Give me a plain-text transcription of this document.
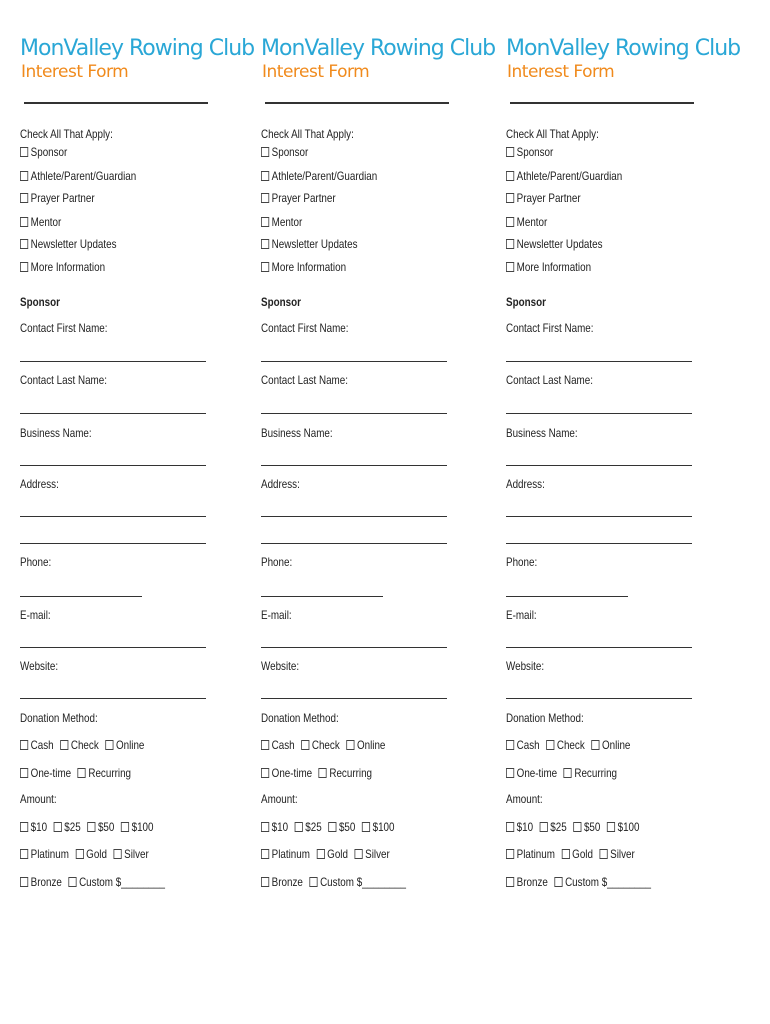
MonValley Rowing Club
Interest Form
Check All That Apply:
Sponsor
Athlete/Parent/Guardian
Prayer Partner
Mentor
Newsletter Updates
More Information
Sponsor
Contact First Name:
Contact Last Name:
Business Name:
Address:
Phone:
E-mail:
Website:
Donation Method:
Cash Check Online
One-time Recurring
Amount:
$10 $25 $50 $100
Platinum Gold Silver
Bronze Custom $________
MonValley Rowing Club
Interest Form
Check All That Apply:
Sponsor
Athlete/Parent/Guardian
Prayer Partner
Mentor
Newsletter Updates
More Information
Sponsor
Contact First Name:
Contact Last Name:
Business Name:
Address:
Phone:
E-mail:
Website:
Donation Method:
Cash Check Online
One-time Recurring
Amount:
$10 $25 $50 $100
Platinum Gold Silver
Bronze Custom $________
MonValley Rowing Club
Interest Form
Check All That Apply:
Sponsor
Athlete/Parent/Guardian
Prayer Partner
Mentor
Newsletter Updates
More Information
Sponsor
Contact First Name:
Contact Last Name:
Business Name:
Address:
Phone:
E-mail:
Website:
Donation Method:
Cash Check Online
One-time Recurring
Amount:
$10 $25 $50 $100
Platinum Gold Silver
Bronze Custom $________
